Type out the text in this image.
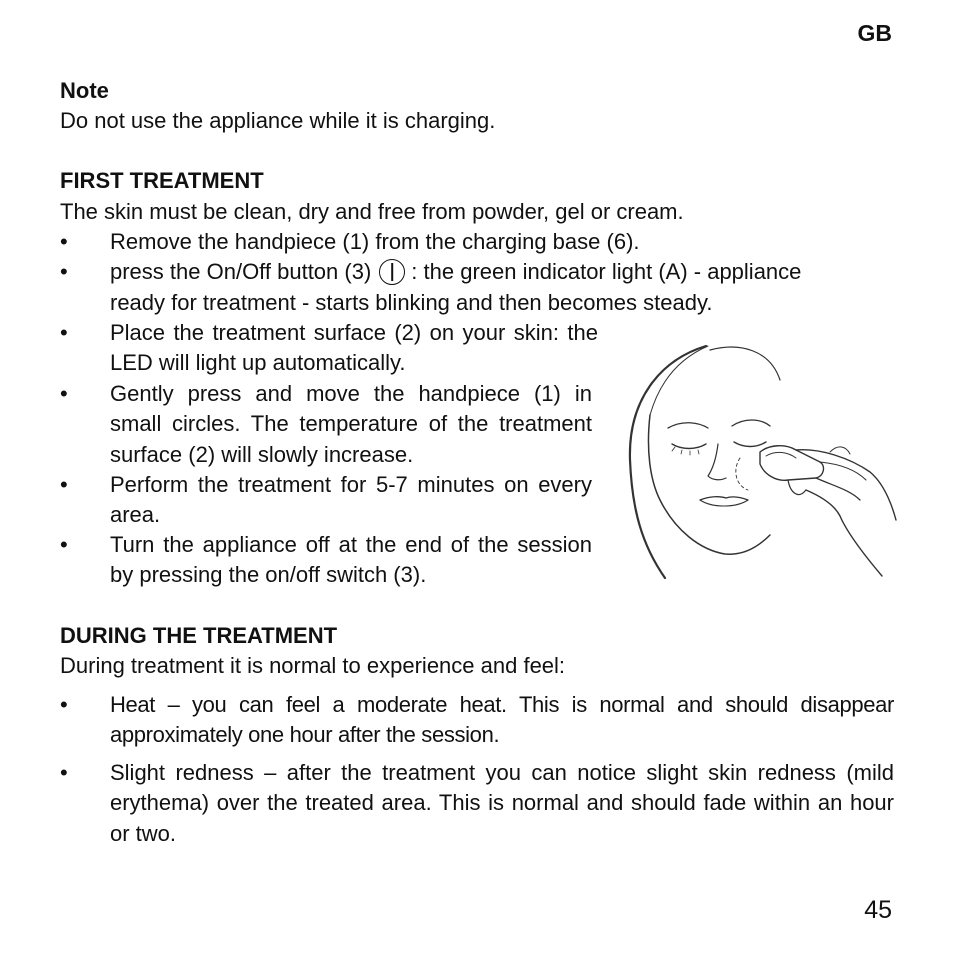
GB
Note
Do not use the appliance while it is charging.
FIRST TREATMENT
The skin must be clean, dry and free from powder, gel or cream.
• Remove the handpiece (1) from the charging base (6).
• press the On/Off button (3) : the green indicator light (A) - appliance
ready for treatment - starts blinking and then becomes steady.
• Place the treatment surface (2) on your skin: the LED will light up automatically.
• Gently press and move the handpiece (1) in small circles. The temperature of the treatment surface (2) will slowly increase.
• Perform the treatment for 5-7 minutes on every area.
• Turn the appliance off at the end of the session by pressing the on/off switch (3).
DURING THE TREATMENT
During treatment it is normal to experience and feel:
• Heat – you can feel a moderate heat. This is normal and should disappear approximately one hour after the session.
• Slight redness – after the treatment you can notice slight skin redness (mild erythema) over the treated area. This is normal and should fade within an hour or two.
45
